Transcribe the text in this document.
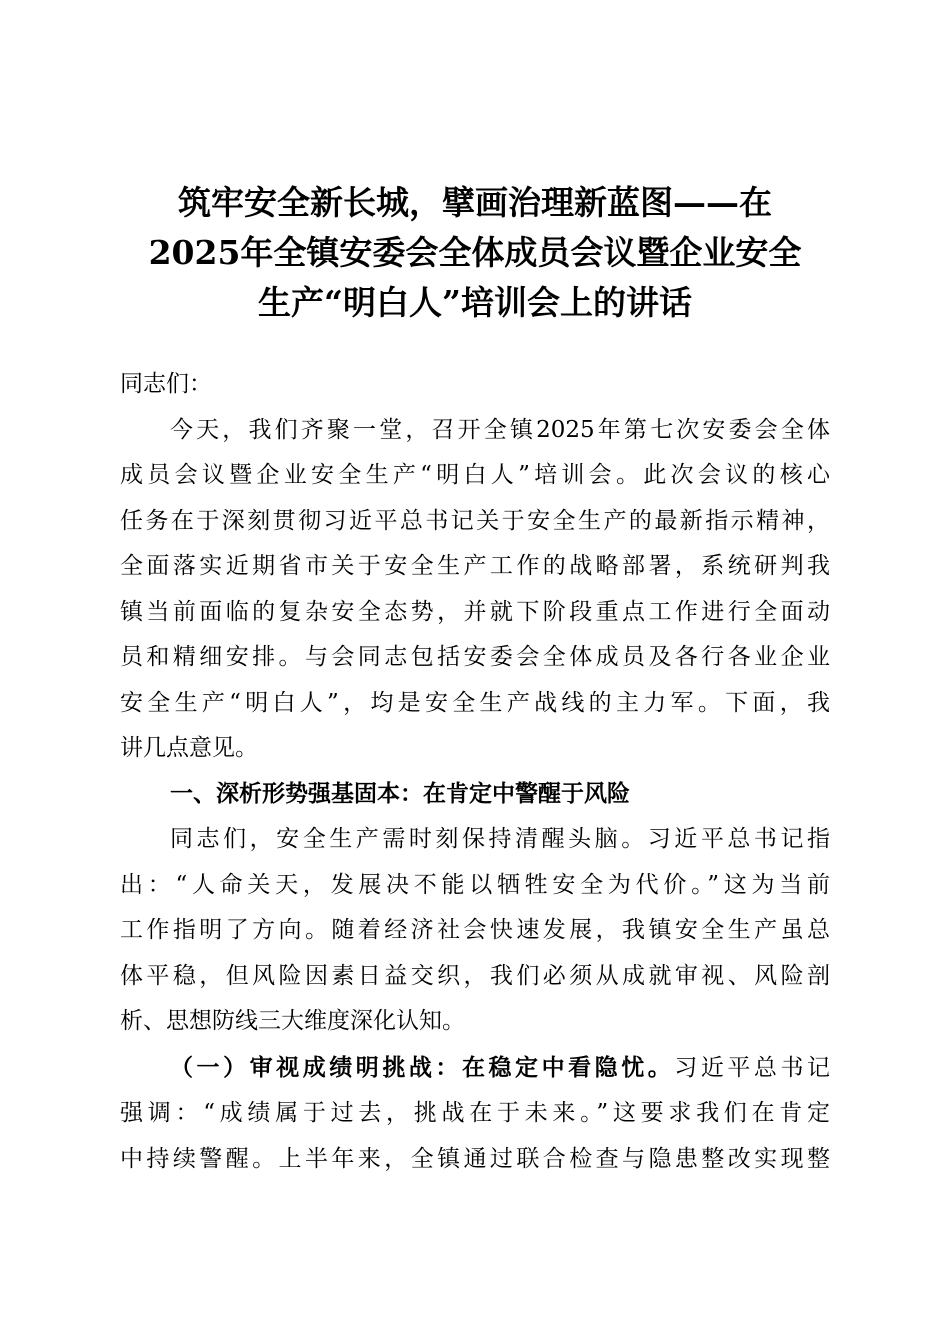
筑牢安全新长城，擘画治理新蓝图——在
2025年全镇安委会全体成员会议暨企业安全
生产“明白人”培训会上的讲话
同志们：
今天，我们齐聚一堂，召开全镇2025年第七次安委会全体
成员会议暨企业安全生产“明白人”培训会。此次会议的核心
任务在于深刻贯彻习近平总书记关于安全生产的最新指示精神，
全面落实近期省市关于安全生产工作的战略部署，系统研判我
镇当前面临的复杂安全态势，并就下阶段重点工作进行全面动
员和精细安排。与会同志包括安委会全体成员及各行各业企业
安全生产“明白人”，均是安全生产战线的主力军。下面，我
讲几点意见。
一、深析形势强基固本：在肯定中警醒于风险
同志们，安全生产需时刻保持清醒头脑。习近平总书记指
出：“人命关天，发展决不能以牺牲安全为代价。”这为当前
工作指明了方向。随着经济社会快速发展，我镇安全生产虽总
体平稳，但风险因素日益交织，我们必须从成就审视、风险剖
析、思想防线三大维度深化认知。
（一）审视成绩明挑战：在稳定中看隐忧。习近平总书记
强调：“成绩属于过去，挑战在于未来。”这要求我们在肯定
中持续警醒。上半年来，全镇通过联合检查与隐患整改实现整
